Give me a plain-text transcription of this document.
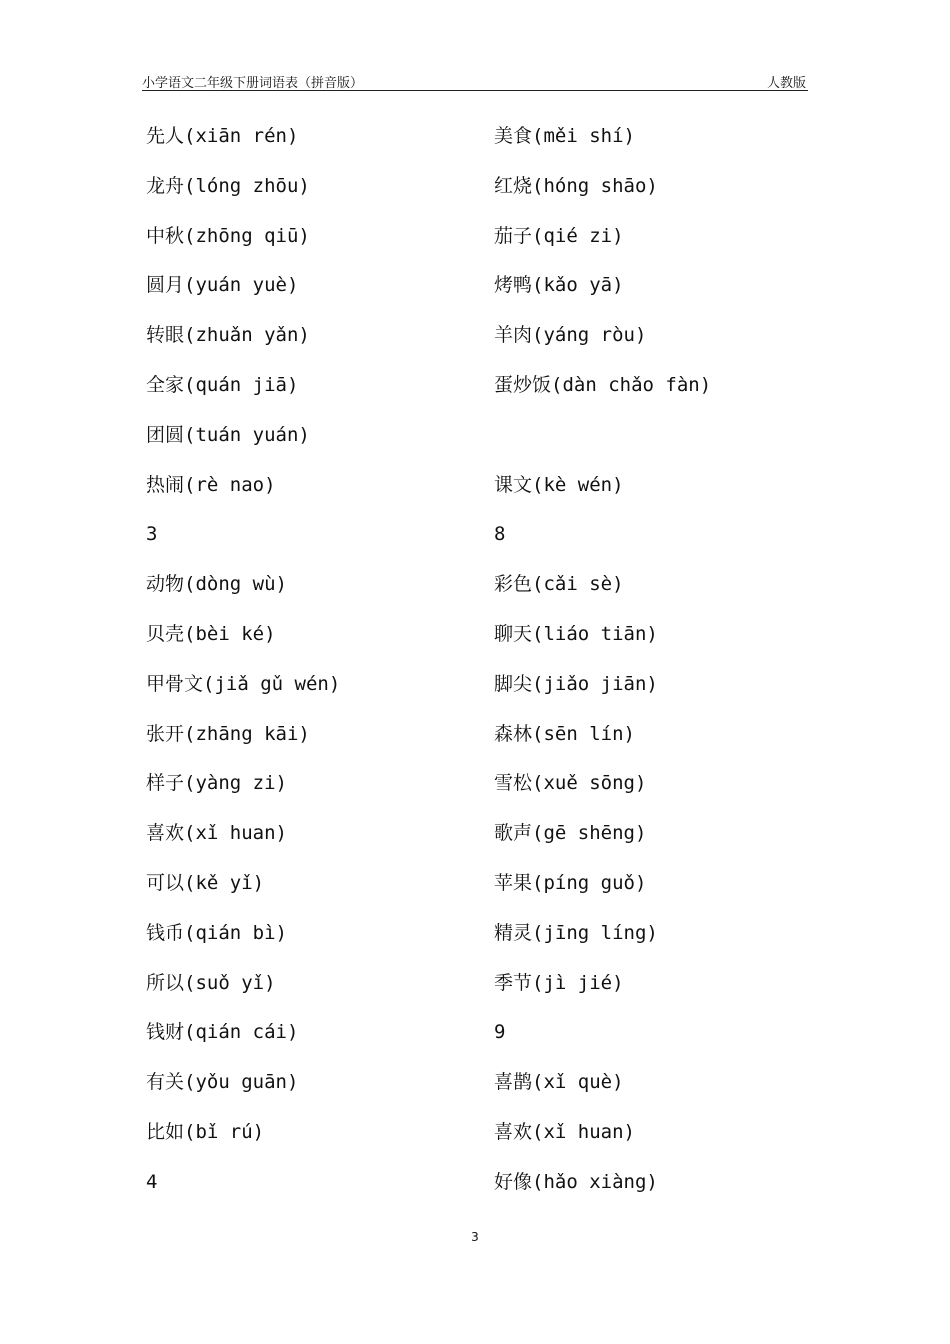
小学语文二年级下册词语表（拼音版）	人教版
先人(xiān rén)
龙舟(lóng zhōu)
中秋(zhōng qiū)
圆月(yuán yuè)
转眼(zhuǎn yǎn)
全家(quán jiā)
团圆(tuán yuán)
热闹(rè nao)
3
动物(dòng wù)
贝壳(bèi ké)
甲骨文(jiǎ gǔ wén)
张开(zhāng kāi)
样子(yàng zi)
喜欢(xǐ huan)
可以(kě yǐ)
钱币(qián bì)
所以(suǒ yǐ)
钱财(qián cái)
有关(yǒu guān)
比如(bǐ rú)
4
美食(měi shí)
红烧(hóng shāo)
茄子(qié zi)
烤鸭(kǎo yā)
羊肉(yáng ròu)
蛋炒饭(dàn chǎo fàn)
课文(kè wén)
8
彩色(cǎi sè)
聊天(liáo tiān)
脚尖(jiǎo jiān)
森林(sēn lín)
雪松(xuě sōng)
歌声(gē shēng)
苹果(píng guǒ)
精灵(jīng líng)
季节(jì jié)
9
喜鹊(xǐ què)
喜欢(xǐ huan)
好像(hǎo xiàng)
3
